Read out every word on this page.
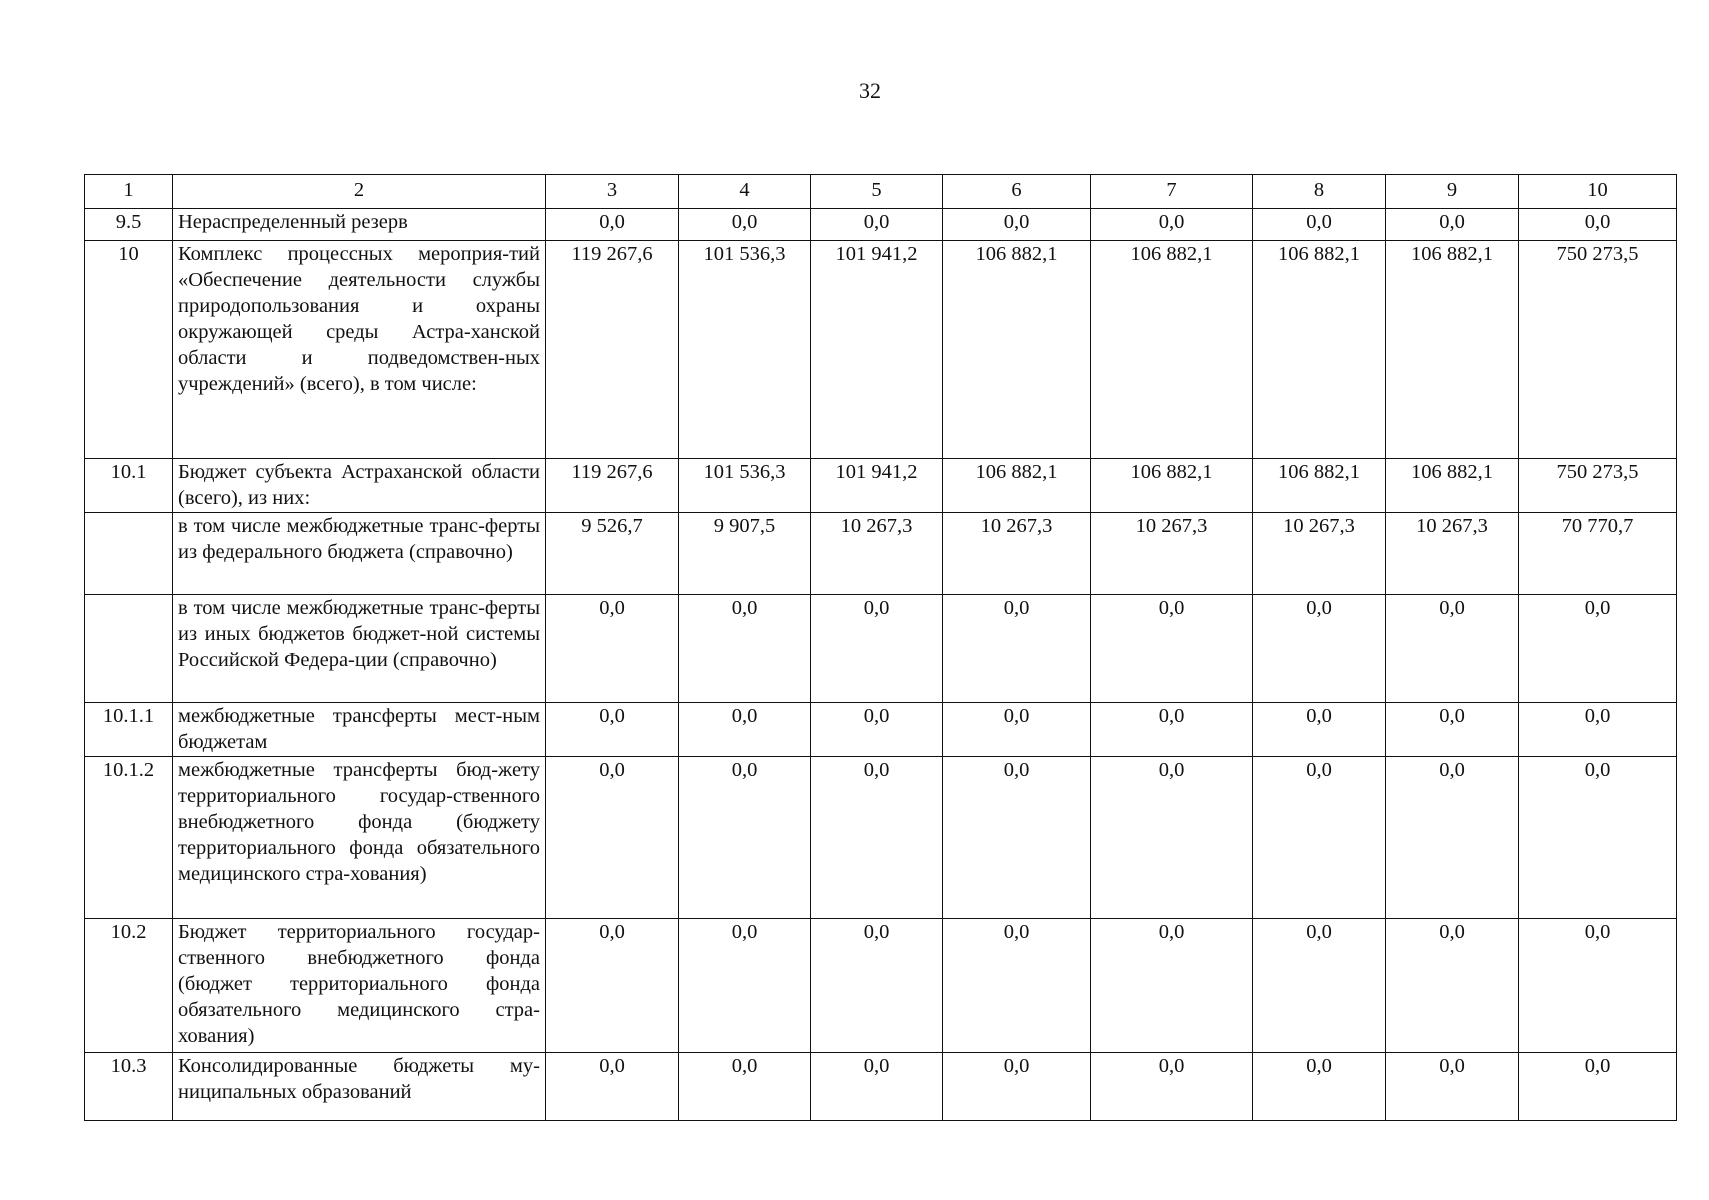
32
1	2	3	4	5	6	7	8	9	10
9.5	Нераспределенный резерв	0,0	0,0	0,0	0,0	0,0	0,0	0,0	0,0
10	Комплекс процессных мероприя-тий «Обеспечение деятельности службы природопользования и охраны окружающей среды Астра-ханской области и подведомствен-ных учреждений» (всего), в том числе:	119 267,6	101 536,3	101 941,2	106 882,1	106 882,1	106 882,1	106 882,1	750 273,5
10.1	Бюджет субъекта Астраханской области (всего), из них:	119 267,6	101 536,3	101 941,2	106 882,1	106 882,1	106 882,1	106 882,1	750 273,5
	в том числе межбюджетные транс-ферты из федерального бюджета (справочно)	9 526,7	9 907,5	10 267,3	10 267,3	10 267,3	10 267,3	10 267,3	70 770,7
	в том числе межбюджетные транс-ферты из иных бюджетов бюджет-ной системы Российской Федера-ции (справочно)	0,0	0,0	0,0	0,0	0,0	0,0	0,0	0,0
10.1.1	межбюджетные трансферты мест-ным бюджетам	0,0	0,0	0,0	0,0	0,0	0,0	0,0	0,0
10.1.2	межбюджетные трансферты бюд-жету территориального государ-ственного внебюджетного фонда (бюджету территориального фонда обязательного медицинского стра-хования)	0,0	0,0	0,0	0,0	0,0	0,0	0,0	0,0
10.2	Бюджет территориального государ-ственного внебюджетного фонда (бюджет территориального фонда обязательного медицинского стра-хования)	0,0	0,0	0,0	0,0	0,0	0,0	0,0	0,0
10.3	Консолидированные бюджеты му-ниципальных образований	0,0	0,0	0,0	0,0	0,0	0,0	0,0	0,0
